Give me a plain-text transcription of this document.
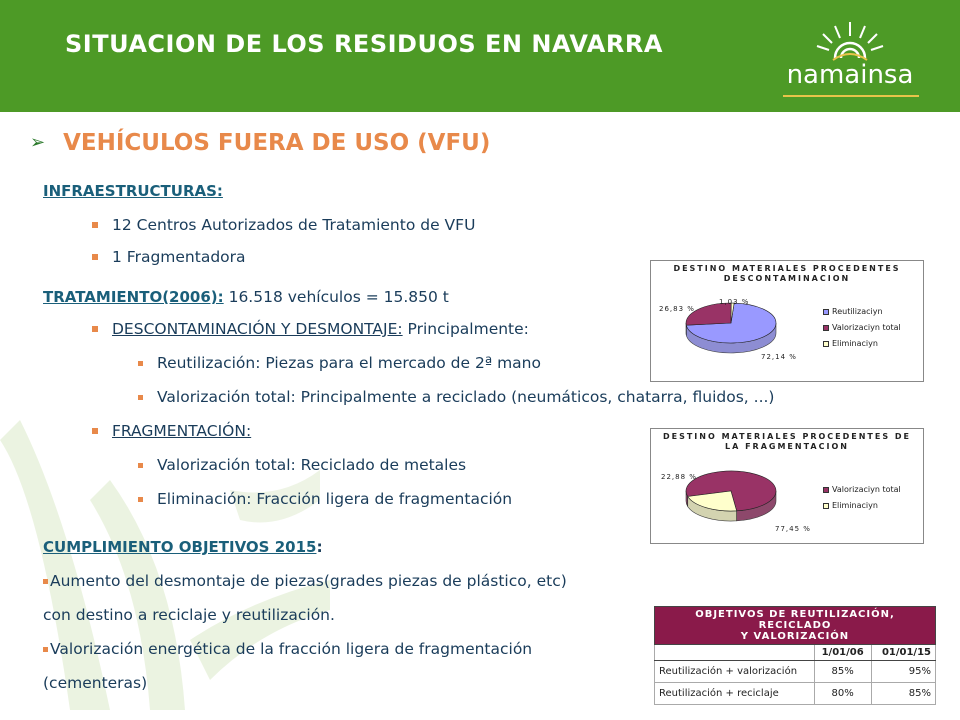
SITUACION DE LOS RESIDUOS EN NAVARRA
namainsa
➢ VEHÍCULOS FUERA DE USO (VFU)
INFRAESTRUCTURAS:
12 Centros Autorizados de Tratamiento de VFU
1 Fragmentadora
TRATAMIENTO(2006): 16.518 vehículos = 15.850 t
DESCONTAMINACIÓN Y DESMONTAJE: Principalmente:
Reutilización: Piezas para el mercado de 2ª mano
Valorización total: Principalmente a reciclado (neumáticos, chatarra, fluidos, ...)
FRAGMENTACIÓN:
Valorización total: Reciclado de metales
Eliminación: Fracción ligera de fragmentación
CUMPLIMIENTO OBJETIVOS 2015:
Aumento del desmontaje de piezas(grades piezas de plástico, etc)
con destino a reciclaje y reutilización.
Valorización energética de la fracción ligera de fragmentación
(cementeras)
DESTINO MATERIALES PROCEDENTES
DESCONTAMINACION
Reutilizaciyn
Valorizaciyn total
Eliminaciyn
72,14 %
26,83 %
1,03 %
DESTINO MATERIALES PROCEDENTES DE
LA FRAGMENTACION
Valorizaciyn total
Eliminaciyn
77,45 %
22,88 %
OBJETIVOS DE REUTILIZACIÓN, RECICLADO
Y VALORIZACIÓN		
	1/01/06	01/01/15
Reutilización + valorización	85%	95%
Reutilización + reciclaje	80%	85%
